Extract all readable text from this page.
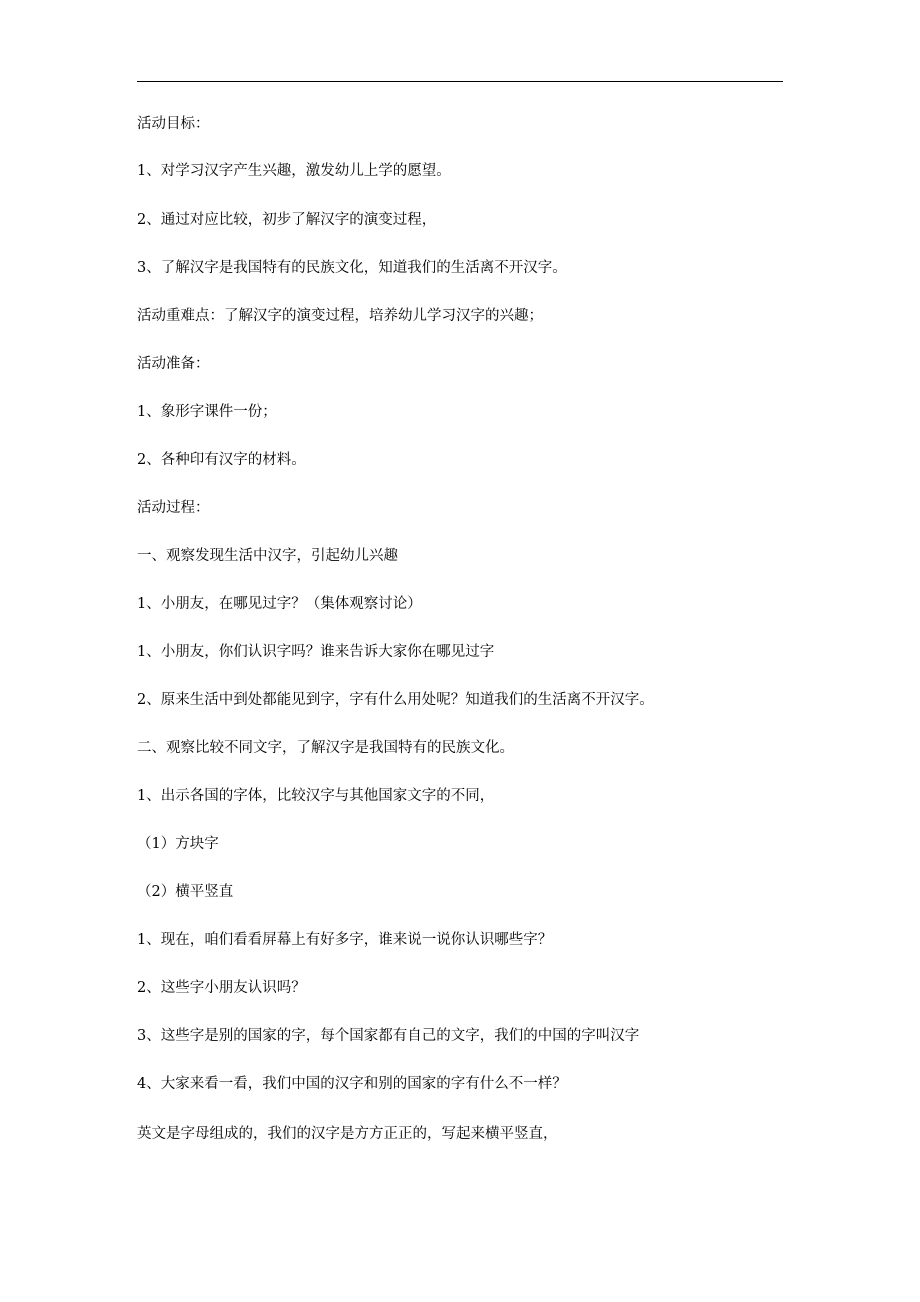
活动目标：
1、对学习汉字产生兴趣，激发幼儿上学的愿望。
2、通过对应比较，初步了解汉字的演变过程，
3、了解汉字是我国特有的民族文化，知道我们的生活离不开汉字。
活动重难点：了解汉字的演变过程，培养幼儿学习汉字的兴趣；
活动准备：
1、象形字课件一份；
2、各种印有汉字的材料。
活动过程：
一、观察发现生活中汉字，引起幼儿兴趣
1、小朋友，在哪见过字？（集体观察讨论）
1、小朋友，你们认识字吗？谁来告诉大家你在哪见过字
2、原来生活中到处都能见到字，字有什么用处呢？知道我们的生活离不开汉字。
二、观察比较不同文字，了解汉字是我国特有的民族文化。
1、出示各国的字体，比较汉字与其他国家文字的不同，
（1）方块字
（2）横平竖直
1、现在，咱们看看屏幕上有好多字，谁来说一说你认识哪些字？
2、这些字小朋友认识吗？
3、这些字是别的国家的字，每个国家都有自己的文字，我们的中国的字叫汉字
4、大家来看一看，我们中国的汉字和别的国家的字有什么不一样？
英文是字母组成的，我们的汉字是方方正正的，写起来横平竖直，
